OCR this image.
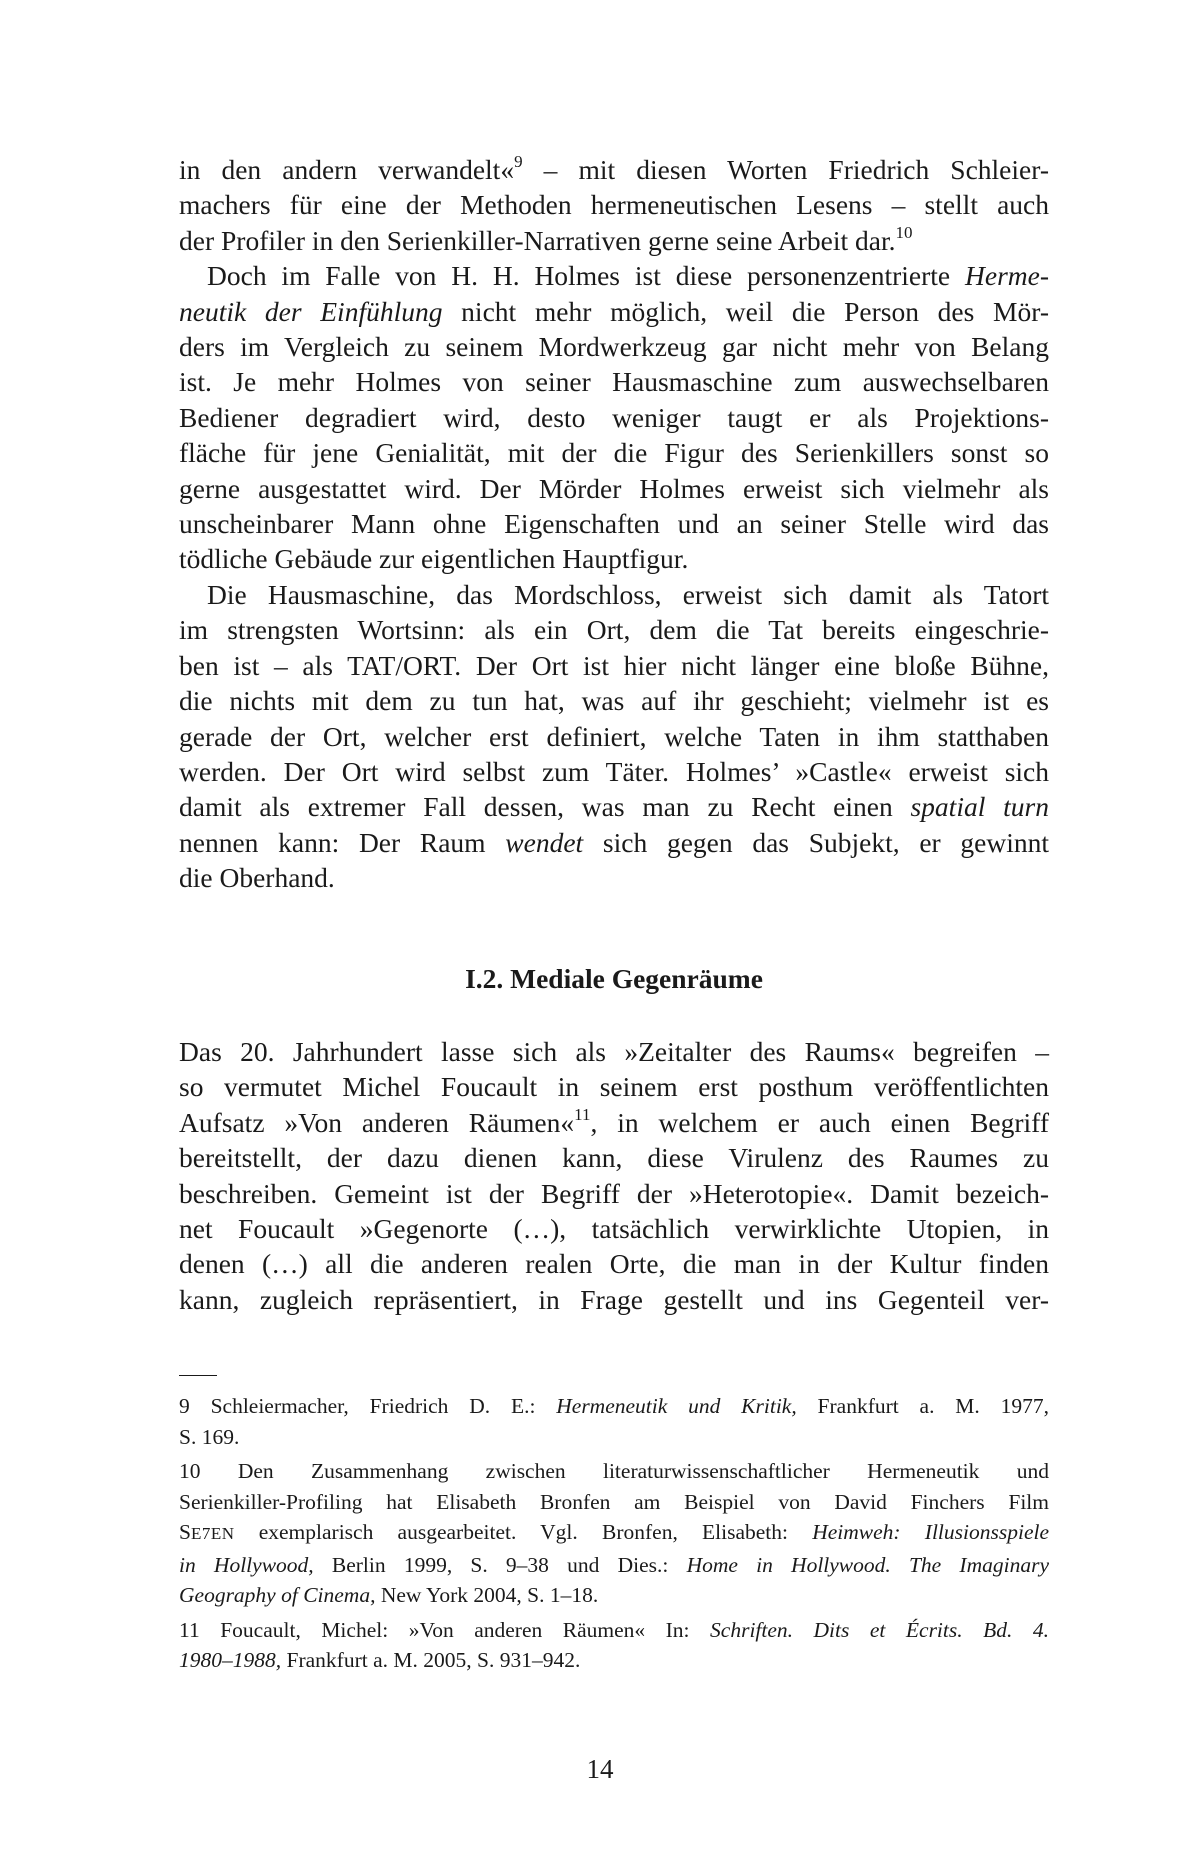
in den andern verwandelt«$^9$ – mit diesen Worten Friedrich Schleier-
machers für eine der Methoden hermeneutischen Lesens – stellt auch
der Profiler in den Serienkiller-Narrativen gerne seine Arbeit dar.$^{10}$
Doch im Falle von H. H. Holmes ist diese personenzentrierte Herme-
neutik der Einfühlung nicht mehr möglich, weil die Person des Mör-
ders im Vergleich zu seinem Mordwerkzeug gar nicht mehr von Belang
ist. Je mehr Holmes von seiner Hausmaschine zum auswechselbaren
Bediener degradiert wird, desto weniger taugt er als Projektions-
fläche für jene Genialität, mit der die Figur des Serienkillers sonst so
gerne ausgestattet wird. Der Mörder Holmes erweist sich vielmehr als
unscheinbarer Mann ohne Eigenschaften und an seiner Stelle wird das
tödliche Gebäude zur eigentlichen Hauptfigur.
Die Hausmaschine, das Mordschloss, erweist sich damit als Tatort
im strengsten Wortsinn: als ein Ort, dem die Tat bereits eingeschrie-
ben ist – als TAT/ORT. Der Ort ist hier nicht länger eine bloße Bühne,
die nichts mit dem zu tun hat, was auf ihr geschieht; vielmehr ist es
gerade der Ort, welcher erst definiert, welche Taten in ihm statthaben
werden. Der Ort wird selbst zum Täter. Holmes’ »Castle« erweist sich
damit als extremer Fall dessen, was man zu Recht einen spatial turn
nennen kann: Der Raum wendet sich gegen das Subjekt, er gewinnt
die Oberhand.
I.2. Mediale Gegenräume
Das 20. Jahrhundert lasse sich als »Zeitalter des Raums« begreifen –
so vermutet Michel Foucault in seinem erst posthum veröffentlichten
Aufsatz »Von anderen Räumen«$^{11}$, in welchem er auch einen Begriff
bereitstellt, der dazu dienen kann, diese Virulenz des Raumes zu
beschreiben. Gemeint ist der Begriff der »Heterotopie«. Damit bezeich-
net Foucault »Gegenorte (…), tatsächlich verwirklichte Utopien, in
denen (…) all die anderen realen Orte, die man in der Kultur finden
kann, zugleich repräsentiert, in Frage gestellt und ins Gegenteil ver-
9 Schleiermacher, Friedrich D. E.: Hermeneutik und Kritik, Frankfurt a. M. 1977,
S. 169.
10 Den Zusammenhang zwischen literaturwissenschaftlicher Hermeneutik und
Serienkiller-Profiling hat Elisabeth Bronfen am Beispiel von David Finchers Film
SE7EN exemplarisch ausgearbeitet. Vgl. Bronfen, Elisabeth: Heimweh: Illusionsspiele
in Hollywood, Berlin 1999, S. 9–38 und Dies.: Home in Hollywood. The Imaginary
Geography of Cinema, New York 2004, S. 1–18.
11 Foucault, Michel: »Von anderen Räumen« In: Schriften. Dits et Écrits. Bd. 4.
1980–1988, Frankfurt a. M. 2005, S. 931–942.
14
